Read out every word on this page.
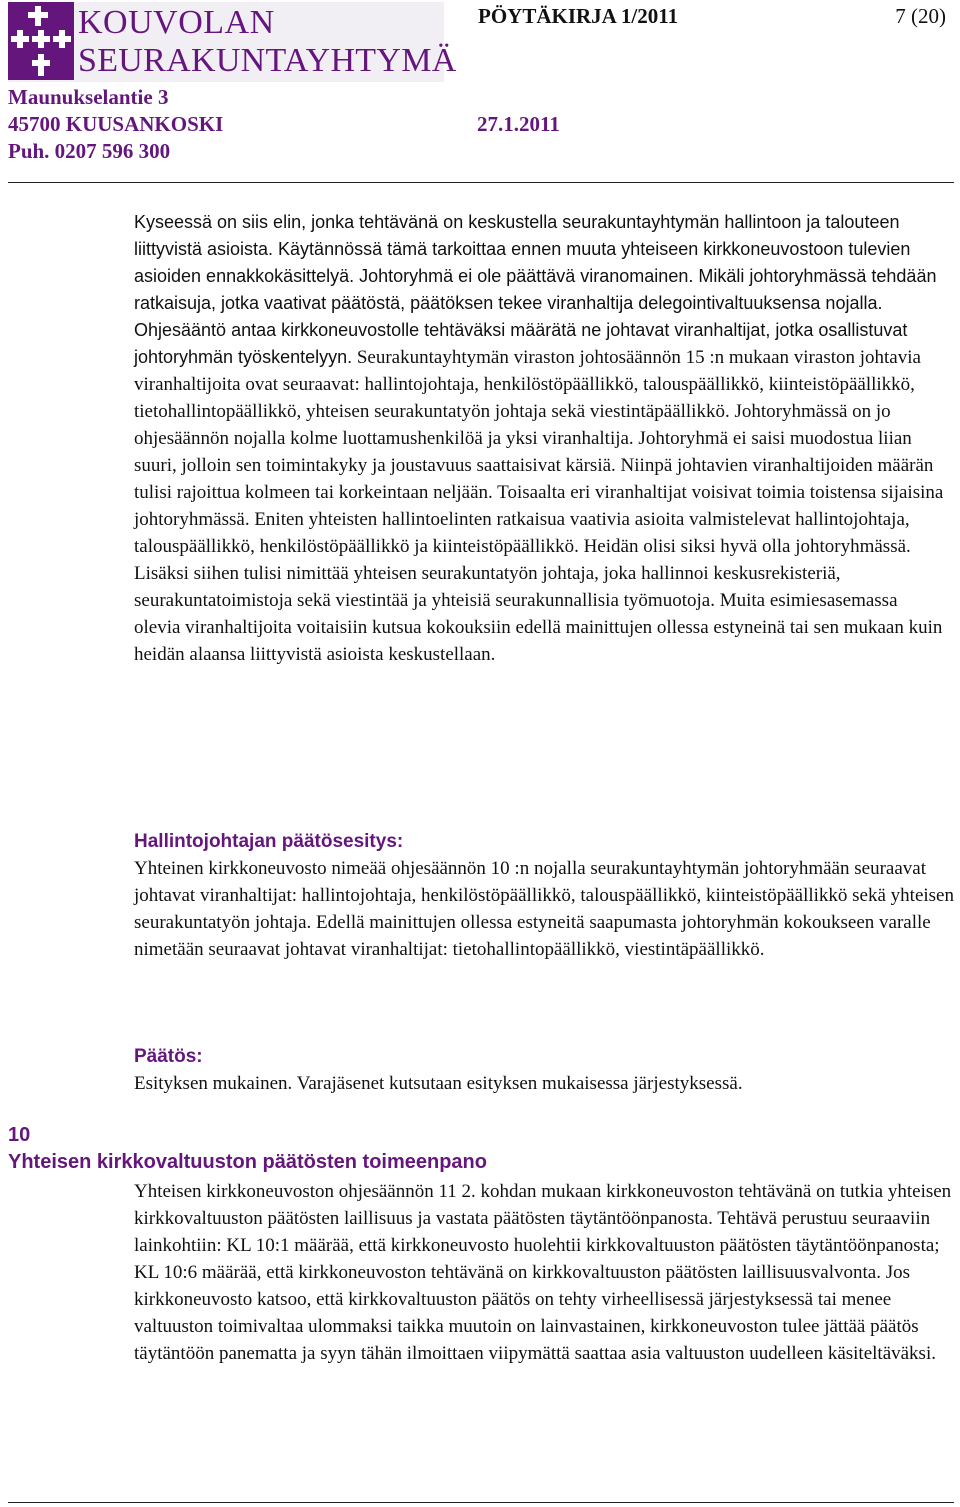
KOUVOLAN
SEURAKUNTAYHTYMÄ
PÖYTÄKIRJA 1/2011	7 (20)
Maunukselantie 3
45700 KUUSANKOSKI
Puh. 0207 596 300
27.1.2011

Kyseessä on siis elin, jonka tehtävänä on keskustella seurakuntayhtymän hallintoon ja talouteen liittyvistä asioista. Käytännössä tämä tarkoittaa ennen muuta yhteiseen kirkkoneuvostoon tulevien asioiden ennakkokäsittelyä. Johtoryhmä ei ole päättävä viranomainen. Mikäli johtoryhmässä tehdään ratkaisuja, jotka vaativat päätöstä, päätöksen tekee viranhaltija delegointivaltuuksensa nojalla. Ohjesääntö antaa kirkkoneuvostolle tehtäväksi määrätä ne johtavat viranhaltijat, jotka osallistuvat johtoryhmän työskentelyyn. Seurakuntayhtymän viraston johtosäännön 15 :n mukaan viraston johtavia viranhaltijoita ovat seuraavat: hallintojohtaja, henkilöstöpäällikkö, talouspäällikkö, kiinteistöpäällikkö, tietohallintopäällikkö, yhteisen seurakuntatyön johtaja sekä viestintäpäällikkö. Johtoryhmässä on jo ohjesäännön nojalla kolme luottamushenkilöä ja yksi viranhaltija. Johtoryhmä ei saisi muodostua liian suuri, jolloin sen toimintakyky ja joustavuus saattaisivat kärsiä. Niinpä johtavien viranhaltijoiden määrän tulisi rajoittua kolmeen tai korkeintaan neljään. Toisaalta eri viranhaltijat voisivat toimia toistensa sijaisina johtoryhmässä. Eniten yhteisten hallintoelinten ratkaisua vaativia asioita valmistelevat hallintojohtaja, talouspäällikkö, henkilöstöpäällikkö ja kiinteistöpäällikkö. Heidän olisi siksi hyvä olla johtoryhmässä. Lisäksi siihen tulisi nimittää yhteisen seurakuntatyön johtaja, joka hallinnoi keskusrekisteriä, seurakuntatoimistoja sekä viestintää ja yhteisiä seurakunnallisia työmuotoja. Muita esimiesasemassa olevia viranhaltijoita voitaisiin kutsua kokouksiin edellä mainittujen ollessa estyneinä tai sen mukaan kuin heidän alaansa liittyvistä asioista keskustellaan.

Hallintojohtajan päätösesitys:
Yhteinen kirkkoneuvosto nimeää ohjesäännön 10 :n nojalla seurakuntayhtymän johtoryhmään seuraavat johtavat viranhaltijat: hallintojohtaja, henkilöstöpäällikkö, talouspäällikkö, kiinteistöpäällikkö sekä yhteisen seurakuntatyön johtaja. Edellä mainittujen ollessa estyneitä saapumasta johtoryhmän kokoukseen varalle nimetään seuraavat johtavat viranhaltijat: tietohallintopäällikkö, viestintäpäällikkö.
Päätös:
Esityksen mukainen. Varajäsenet kutsutaan esityksen mukaisessa järjestyksessä.
10
Yhteisen kirkkovaltuuston päätösten toimeenpano

Yhteisen kirkkoneuvoston ohjesäännön 11 2. kohdan mukaan kirkkoneuvoston tehtävänä on tutkia yhteisen kirkkovaltuuston päätösten laillisuus ja vastata päätösten täytäntöönpanosta. Tehtävä perustuu seuraaviin lainkohtiin: KL 10:1 määrää, että kirkkoneuvosto huolehtii kirkkovaltuuston päätösten täytäntöönpanosta; KL 10:6 määrää, että kirkkoneuvoston tehtävänä on kirkkovaltuuston päätösten laillisuusvalvonta. Jos kirkkoneuvosto katsoo, että kirkkovaltuuston päätös on tehty virheellisessä järjestyksessä tai menee valtuuston toimivaltaa ulommaksi taikka muutoin on lainvastainen, kirkkoneuvoston tulee jättää päätös täytäntöön panematta ja syyn tähän ilmoittaen viipymättä saattaa asia valtuuston uudelleen käsiteltäväksi.
